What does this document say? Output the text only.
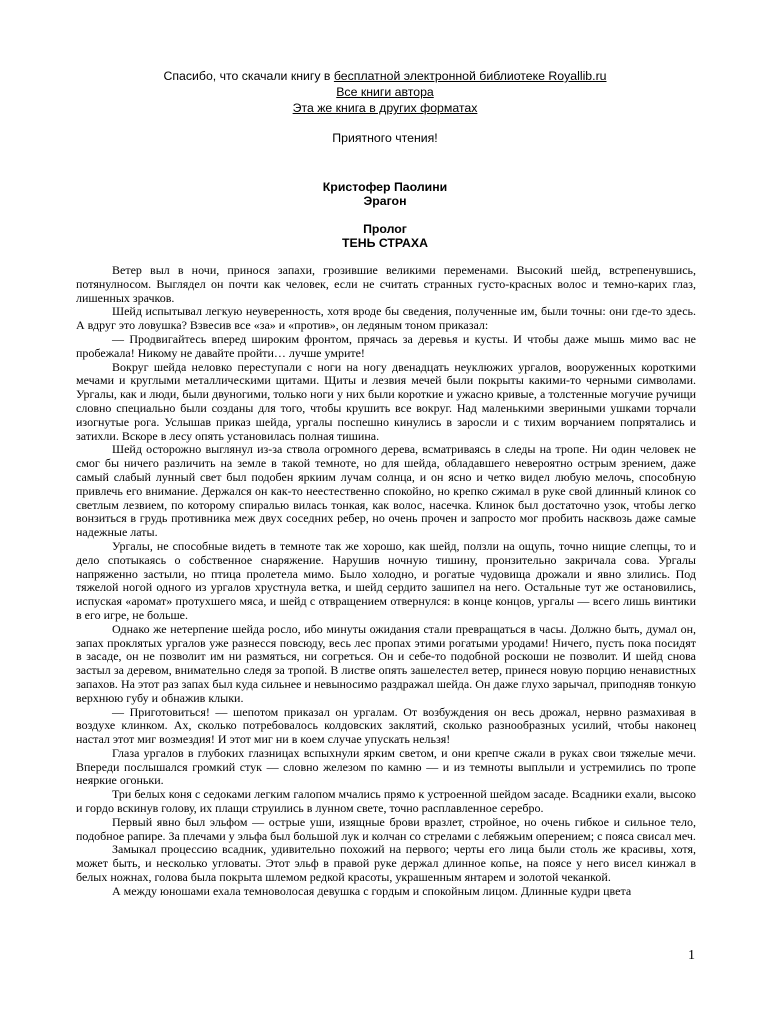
Спасибо, что скачали книгу в бесплатной электронной библиотеке Royallib.ru
Все книги автора
Эта же книга в других форматах
Приятного чтения!
Кристофер Паолини
Эрагон
Пролог
ТЕНЬ СТРАХА

Ветер выл в ночи, принося запахи, грозившие великими переменами. Высокий шейд, встрепенувшись, потянулносом. Выглядел он почти как человек, если не считать странных густо-красных волос и темно-карих глаз, лишенных зрачков.

Шейд испытывал легкую неуверенность, хотя вроде бы сведения, полученные им, были точны: они где-то здесь. А вдруг это ловушка? Взвесив все «за» и «против», он ледяным тоном приказал:

— Продвигайтесь вперед широким фронтом, прячась за деревья и кусты. И чтобы даже мышь мимо вас не пробежала! Никому не давайте пройти… лучше умрите!

Вокруг шейда неловко переступали с ноги на ногу двенадцать неуклюжих ургалов, вооруженных короткими мечами и круглыми металлическими щитами. Щиты и лезвия мечей были покрыты какими-то черными символами. Ургалы, как и люди, были двуногими, только ноги у них были короткие и ужасно кривые, а толстенные могучие ручищи словно специально были созданы для того, чтобы крушить все вокруг. Над маленькими звериными ушками торчали изогнутые рога. Услышав приказ шейда, ургалы поспешно кинулись в заросли и с тихим ворчанием попрятались и затихли. Вскоре в лесу опять установилась полная тишина.

Шейд осторожно выглянул из-за ствола огромного дерева, всматриваясь в следы на тропе. Ни один человек не смог бы ничего различить на земле в такой темноте, но для шейда, обладавшего невероятно острым зрением, даже самый слабый лунный свет был подобен яркиим лучам солнца, и он ясно и четко видел любую мелочь, способную привлечь его внимание. Держался он как-то неестественно спокойно, но крепко сжимал в руке свой длинный клинок со светлым лезвием, по которому спиралью вилась тонкая, как волос, насечка. Клинок был достаточно узок, чтобы легко вонзиться в грудь противника меж двух соседних ребер, но очень прочен и запросто мог пробить насквозь даже самые надежные латы.

Ургалы, не способные видеть в темноте так же хорошо, как шейд, ползли на ощупь, точно нищие слепцы, то и дело спотыкаясь о собственное снаряжение. Нарушив ночную тишину, пронзительно закричала сова. Ургалы напряженно застыли, но птица пролетела мимо. Было холодно, и рогатые чудовища дрожали и явно злились. Под тяжелой ногой одного из ургалов хрустнула ветка, и шейд сердито зашипел на него. Остальные тут же остановились, испуская «аромат» протухшего мяса, и шейд с отвращением отвернулся: в конце концов, ургалы — всего лишь винтики в его игре, не больше.

Однако же нетерпение шейда росло, ибо минуты ожидания стали превращаться в часы. Должно быть, думал он, запах проклятых ургалов уже разнесся повсюду, весь лес пропах этими рогатыми уродами! Ничего, пусть пока посидят в засаде, он не позволит им ни размяться, ни согреться. Он и себе-то подобной роскоши не позволит. И шейд снова застыл за деревом, внимательно следя за тропой. В листве опять зашелестел ветер, принеся новую порцию ненавистных запахов. На этот раз запах был куда сильнее и невыносимо раздражал шейда. Он даже глухо зарычал, приподняв тонкую верхнюю губу и обнажив клыки.

— Приготовиться! — шепотом приказал он ургалам. От возбуждения он весь дрожал, нервно размахивая в воздухе клинком. Ах, сколько потребовалось колдовских заклятий, сколько разнообразных усилий, чтобы наконец настал этот миг возмездия! И этот миг ни в коем случае упускать нельзя!

Глаза ургалов в глубоких глазницах вспыхнули ярким светом, и они крепче сжали в руках свои тяжелые мечи. Впереди послышался громкий стук — словно железом по камню — и из темноты выплыли и устремились по тропе неяркие огоньки.

Три белых коня с седоками легким галопом мчались прямо к устроенной шейдом засаде. Всадники ехали, высоко и гордо вскинув голову, их плащи струились в лунном свете, точно расплавленное серебро.

Первый явно был эльфом — острые уши, изящные брови вразлет, стройное, но очень гибкое и сильное тело, подобное рапире. За плечами у эльфа был большой лук и колчан со стрелами с лебяжьим оперением; с пояса свисал меч.

Замыкал процессию всадник, удивительно похожий на первого; черты его лица были столь же красивы, хотя, может быть, и несколько угловаты. Этот эльф в правой руке держал длинное копье, на поясе у него висел кинжал в белых ножнах, голова была покрыта шлемом редкой красоты, украшенным янтарем и золотой чеканкой.

А между юношами ехала темноволосая девушка с гордым и спокойным лицом. Длинные кудри цвета

1
